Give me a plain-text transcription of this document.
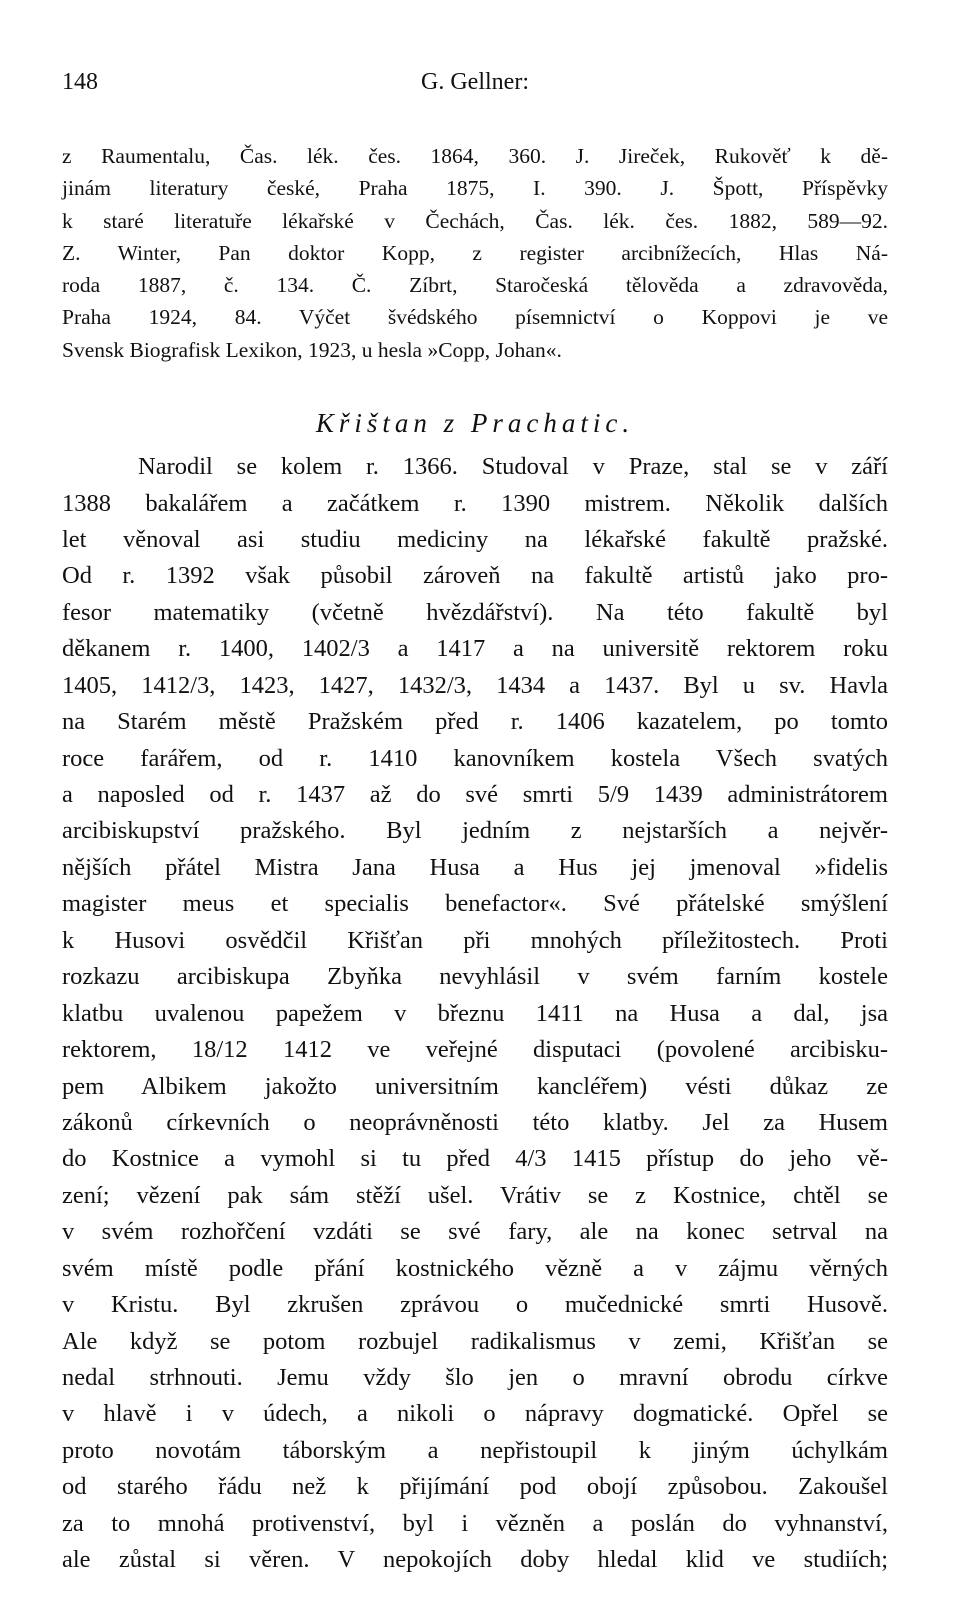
148	G. Gellner:
z Raumentalu, Čas. lék. čes. 1864, 360. J. Jireček, Rukověť k dě-
jinám literatury české, Praha 1875, I. 390. J. Špott, Příspěvky
k staré literatuře lékařské v Čechách, Čas. lék. čes. 1882, 589—92.
Z. Winter, Pan doktor Kopp, z register arcibnížecích, Hlas Ná-
roda 1887, č. 134. Č. Zíbrt, Staročeská tělověda a zdravověda,
Praha 1924, 84. Výčet švédského písemnictví o Koppovi je ve
Svensk Biografisk Lexikon, 1923, u hesla »Copp, Johan«.
Křištan z Prachatic.
Narodil se kolem r. 1366. Studoval v Praze, stal se v září
1388 bakalářem a začátkem r. 1390 mistrem. Několik dalších
let věnoval asi studiu mediciny na lékařské fakultě pražské.
Od r. 1392 však působil zároveň na fakultě artistů jako pro-
fesor matematiky (včetně hvězdářství). Na této fakultě byl
děkanem r. 1400, 1402/3 a 1417 a na universitě rektorem roku
1405, 1412/3, 1423, 1427, 1432/3, 1434 a 1437. Byl u sv. Havla
na Starém městě Pražském před r. 1406 kazatelem, po tomto
roce farářem, od r. 1410 kanovníkem kostela Všech svatých
a naposled od r. 1437 až do své smrti 5/9 1439 administrátorem
arcibiskupství pražského. Byl jedním z nejstarších a nejvěr-
nějších přátel Mistra Jana Husa a Hus jej jmenoval »fidelis
magister meus et specialis benefactor«. Své přátelské smýšlení
k Husovi osvědčil Křišťan při mnohých příležitostech. Proti
rozkazu arcibiskupa Zbyňka nevyhlásil v svém farním kostele
klatbu uvalenou papežem v březnu 1411 na Husa a dal, jsa
rektorem, 18/12 1412 ve veřejné disputaci (povolené arcibisku-
pem Albikem jakožto universitním kancléřem) vésti důkaz ze
zákonů církevních o neoprávněnosti této klatby. Jel za Husem
do Kostnice a vymohl si tu před 4/3 1415 přístup do jeho vě-
zení; vězení pak sám stěží ušel. Vrátiv se z Kostnice, chtěl se
v svém rozhořčení vzdáti se své fary, ale na konec setrval na
svém místě podle přání kostnického vězně a v zájmu věrných
v Kristu. Byl zkrušen zprávou o mučednické smrti Husově.
Ale když se potom rozbujel radikalismus v zemi, Křišťan se
nedal strhnouti. Jemu vždy šlo jen o mravní obrodu církve
v hlavě i v údech, a nikoli o nápravy dogmatické. Opřel se
proto novotám táborským a nepřistoupil k jiným úchylkám
od starého řádu než k přijímání pod obojí způsobou. Zakoušel
za to mnohá protivenství, byl i vězněn a poslán do vyhnanství,
ale zůstal si věren. V nepokojích doby hledal klid ve studiích;
